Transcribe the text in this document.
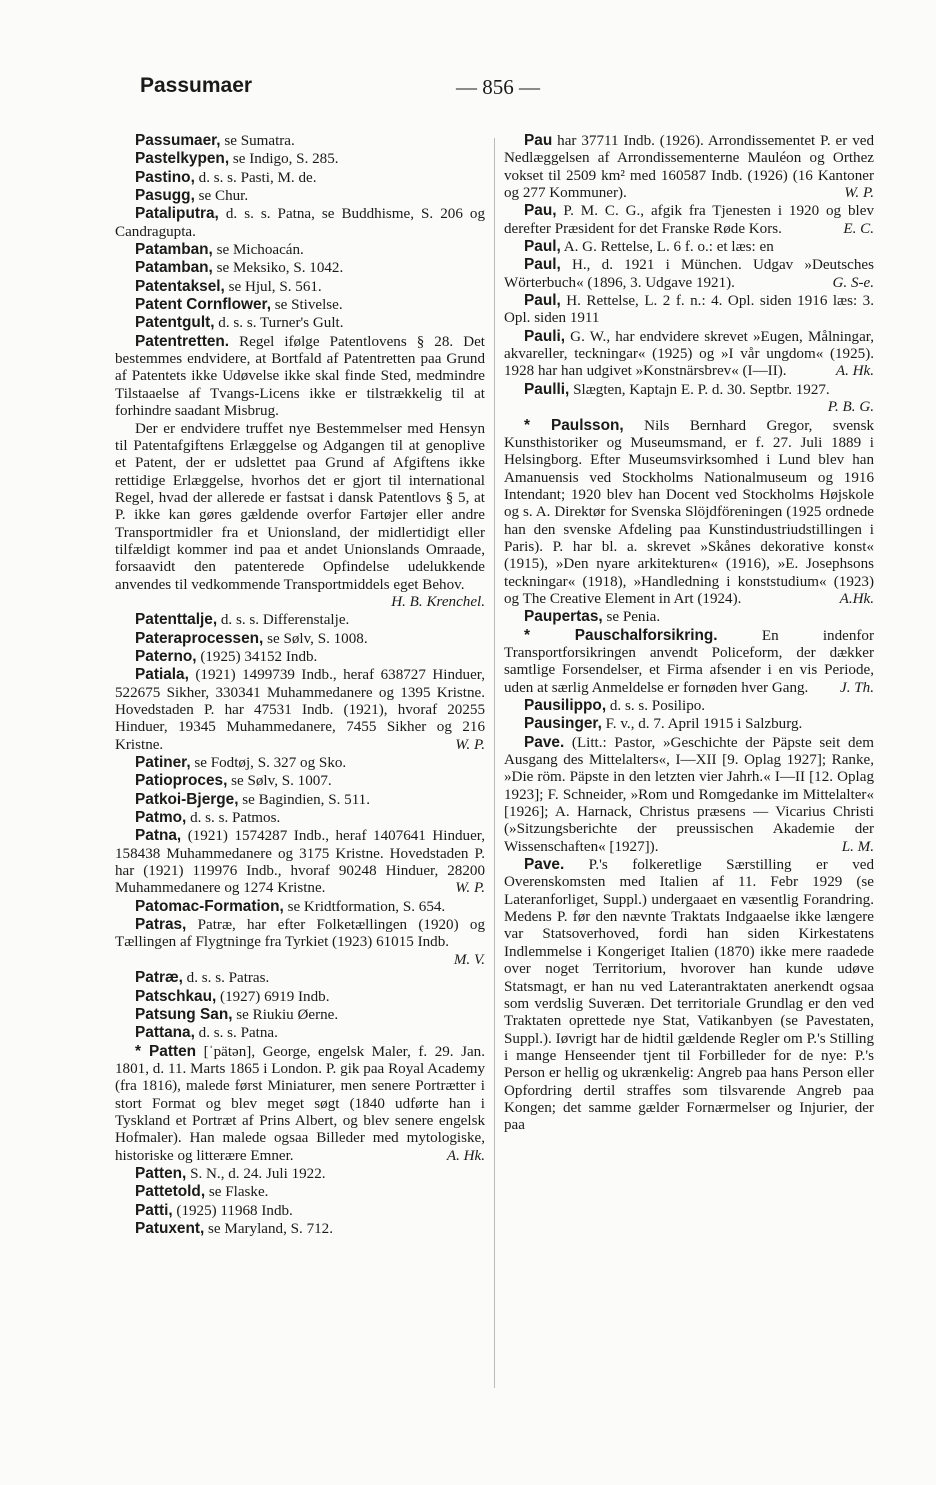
Passumaer	— 856 —

Passumaer, se Sumatra.

Pastelkypen, se Indigo, S. 285.

Pastino, d. s. s. Pasti, M. de.

Pasugg, se Chur.

Pataliputra, d. s. s. Patna, se Buddhisme, S. 206 og Candragupta.

Patamban, se Michoacán.

Patamban, se Meksiko, S. 1042.

Patentaksel, se Hjul, S. 561.

Patent Cornflower, se Stivelse.

Patentgult, d. s. s. Turner's Gult.

Patentretten. Regel ifølge Patentlovens § 28. Det bestemmes endvidere, at Bortfald af Patentretten paa Grund af Patentets ikke Udøvelse ikke skal finde Sted, medmindre Tilstaaelse af Tvangs-Licens ikke er tilstrækkelig til at forhindre saadant Misbrug.

Der er endvidere truffet nye Bestemmelser med Hensyn til Patentafgiftens Erlæggelse og Adgangen til at genoplive et Patent, der er udslettet paa Grund af Afgiftens ikke rettidige Erlæggelse, hvorhos det er gjort til international Regel, hvad der allerede er fastsat i dansk Patentlovs § 5, at P. ikke kan gøres gældende overfor Fartøjer eller andre Transportmidler fra et Unionsland, der midlertidigt eller tilfældigt kommer ind paa et andet Unionslands Omraade, forsaavidt den patenterede Opfindelse udelukkende anvendes til vedkommende Transportmiddels eget Behov.
H. B. Krenchel.

Patenttalje, d. s. s. Differenstalje.

Pateraprocessen, se Sølv, S. 1008.

Paterno, (1925) 34152 Indb.

Patiala, (1921) 1499739 Indb., heraf 638727 Hinduer, 522675 Sikher, 330341 Muhammedanere og 1395 Kristne. Hovedstaden P. har 47531 Indb. (1921), hvoraf 20255 Hinduer, 19345 Muhammedanere, 7455 Sikher og 216 Kristne.	W. P.

Patiner, se Fodtøj, S. 327 og Sko.

Patioproces, se Sølv, S. 1007.

Patkoi-Bjerge, se Bagindien, S. 511.

Patmo, d. s. s. Patmos.

Patna, (1921) 1574287 Indb., heraf 1407641 Hinduer, 158438 Muhammedanere og 3175 Kristne. Hovedstaden P. har (1921) 119976 Indb., hvoraf 90248 Hinduer, 28200 Muhammedanere og 1274 Kristne.	W. P.

Patomac-Formation, se Kridtformation, S. 654.

Patras, Patræ, har efter Folketællingen (1920) og Tællingen af Flygtninge fra Tyrkiet (1923) 61015 Indb.
M. V.

Patræ, d. s. s. Patras.

Patschkau, (1927) 6919 Indb.

Patsung San, se Riukiu Øerne.

Pattana, d. s. s. Patna.

* Patten [ˈpätən], George, engelsk Maler, f. 29. Jan. 1801, d. 11. Marts 1865 i London. P. gik paa Royal Academy (fra 1816), malede først Miniaturer, men senere Portrætter i stort Format og blev meget søgt (1840 udførte han i Tyskland et Portræt af Prins Albert, og blev senere engelsk Hofmaler). Han malede ogsaa Billeder med mytologiske, historiske og litterære Emner.	A. Hk.

Patten, S. N., d. 24. Juli 1922.

Pattetold, se Flaske.

Patti, (1925) 11968 Indb.

Patuxent, se Maryland, S. 712.

Pau har 37711 Indb. (1926). Arrondissementet P. er ved Nedlæggelsen af Arrondissementerne Mauléon og Orthez vokset til 2509 km² med 160587 Indb. (1926) (16 Kantoner og 277 Kommuner).	W. P.

Pau, P. M. C. G., afgik fra Tjenesten i 1920 og blev derefter Præsident for det Franske Røde Kors.	E. C.

Paul, A. G. Rettelse, L. 6 f. o.: et læs: en

Paul, H., d. 1921 i München. Udgav »Deutsches Wörterbuch« (1896, 3. Udgave 1921).	G. S-e.

Paul, H. Rettelse, L. 2 f. n.: 4. Opl. siden 1916 læs: 3. Opl. siden 1911

Pauli, G. W., har endvidere skrevet »Eugen, Målningar, akvareller, teckningar« (1925) og »I vår ungdom« (1925). 1928 har han udgivet »Konstnärsbrev« (I—II).	A. Hk.

Paulli, Slægten, Kaptajn E. P. d. 30. Septbr. 1927.
P. B. G.

* Paulsson, Nils Bernhard Gregor, svensk Kunsthistoriker og Museumsmand, er f. 27. Juli 1889 i Helsingborg. Efter Museumsvirksomhed i Lund blev han Amanuensis ved Stockholms Nationalmuseum og 1916 Intendant; 1920 blev han Docent ved Stockholms Højskole og s. A. Direktør for Svenska Slöjdföreningen (1925 ordnede han den svenske Afdeling paa Kunstindustriudstillingen i Paris). P. har bl. a. skrevet »Skånes dekorative konst« (1915), »Den nyare arkitekturen« (1916), »E. Josephsons teckningar« (1918), »Handledning i konststudium« (1923) og The Creative Element in Art (1924).	A.Hk.

Paupertas, se Penia.

* Pauschalforsikring. En indenfor Transportforsikringen anvendt Policeform, der dækker samtlige Forsendelser, et Firma afsender i en vis Periode, uden at særlig Anmeldelse er fornøden hver Gang.	J. Th.

Pausilippo, d. s. s. Posilipo.

Pausinger, F. v., d. 7. April 1915 i Salzburg.

Pave. (Litt.: Pastor, »Geschichte der Päpste seit dem Ausgang des Mittelalters«, I—XII [9. Oplag 1927]; Ranke, »Die röm. Päpste in den letzten vier Jahrh.« I—II [12. Oplag 1923]; F. Schneider, »Rom und Romgedanke im Mittelalter« [1926]; A. Harnack, Christus præsens — Vicarius Christi (»Sitzungsberichte der preussischen Akademie der Wissenschaften« [1927]).	L. M.

Pave. P.'s folkeretlige Særstilling er ved Overenskomsten med Italien af 11. Febr 1929 (se Lateranforliget, Suppl.) undergaaet en væsentlig Forandring. Medens P. før den nævnte Traktats Indgaaelse ikke længere var Statsoverhoved, fordi han siden Kirkestatens Indlemmelse i Kongeriget Italien (1870) ikke mere raadede over noget Territorium, hvorover han kunde udøve Statsmagt, er han nu ved Laterantraktaten anerkendt ogsaa som verdslig Suveræn. Det territoriale Grundlag er den ved Traktaten oprettede nye Stat, Vatikanbyen (se Pavestaten, Suppl.). Iøvrigt har de hidtil gældende Regler om P.'s Stilling i mange Henseender tjent til Forbilleder for de nye: P.'s Person er hellig og ukrænkelig: Angreb paa hans Person eller Opfordring dertil straffes som tilsvarende Angreb paa Kongen; det samme gælder Fornærmelser og Injurier, der paa
